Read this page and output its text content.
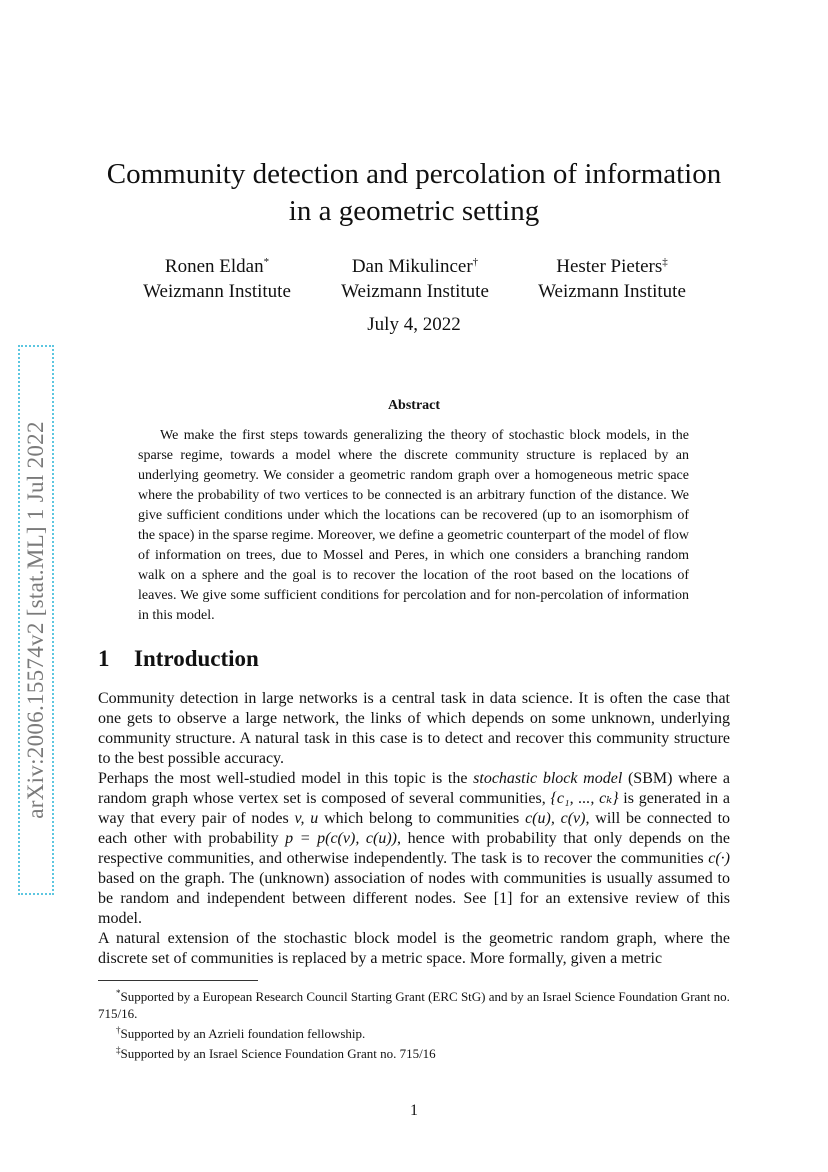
arXiv:2006.15574v2 [stat.ML] 1 Jul 2022
Community detection and percolation of information in a geometric setting
Ronen Eldan*
Weizmann Institute
Dan Mikulincer†
Weizmann Institute
Hester Pieters‡
Weizmann Institute
July 4, 2022
Abstract

We make the first steps towards generalizing the theory of stochastic block models, in the sparse regime, towards a model where the discrete community structure is replaced by an underlying geometry. We consider a geometric random graph over a homogeneous metric space where the probability of two vertices to be connected is an arbitrary function of the distance. We give sufficient conditions under which the locations can be recovered (up to an isomorphism of the space) in the sparse regime. Moreover, we define a geometric counterpart of the model of flow of information on trees, due to Mossel and Peres, in which one considers a branching random walk on a sphere and the goal is to recover the location of the root based on the locations of leaves. We give some sufficient conditions for percolation and for non-percolation of information in this model.

1 Introduction

Community detection in large networks is a central task in data science. It is often the case that one gets to observe a large network, the links of which depends on some unknown, underlying community structure. A natural task in this case is to detect and recover this community structure to the best possible accuracy.

Perhaps the most well-studied model in this topic is the stochastic block model (SBM) where a random graph whose vertex set is composed of several communities, {c₁, ..., cₖ} is generated in a way that every pair of nodes v, u which belong to communities c(u), c(v), will be connected to each other with probability p = p(c(v), c(u)), hence with probability that only depends on the respective communities, and otherwise independently. The task is to recover the communities c(·) based on the graph. The (unknown) association of nodes with communities is usually assumed to be random and independent between different nodes. See [1] for an extensive review of this model.

A natural extension of the stochastic block model is the geometric random graph, where the discrete set of communities is replaced by a metric space. More formally, given a metric

*Supported by a European Research Council Starting Grant (ERC StG) and by an Israel Science Foundation Grant no. 715/16.

†Supported by an Azrieli foundation fellowship.

‡Supported by an Israel Science Foundation Grant no. 715/16

1
